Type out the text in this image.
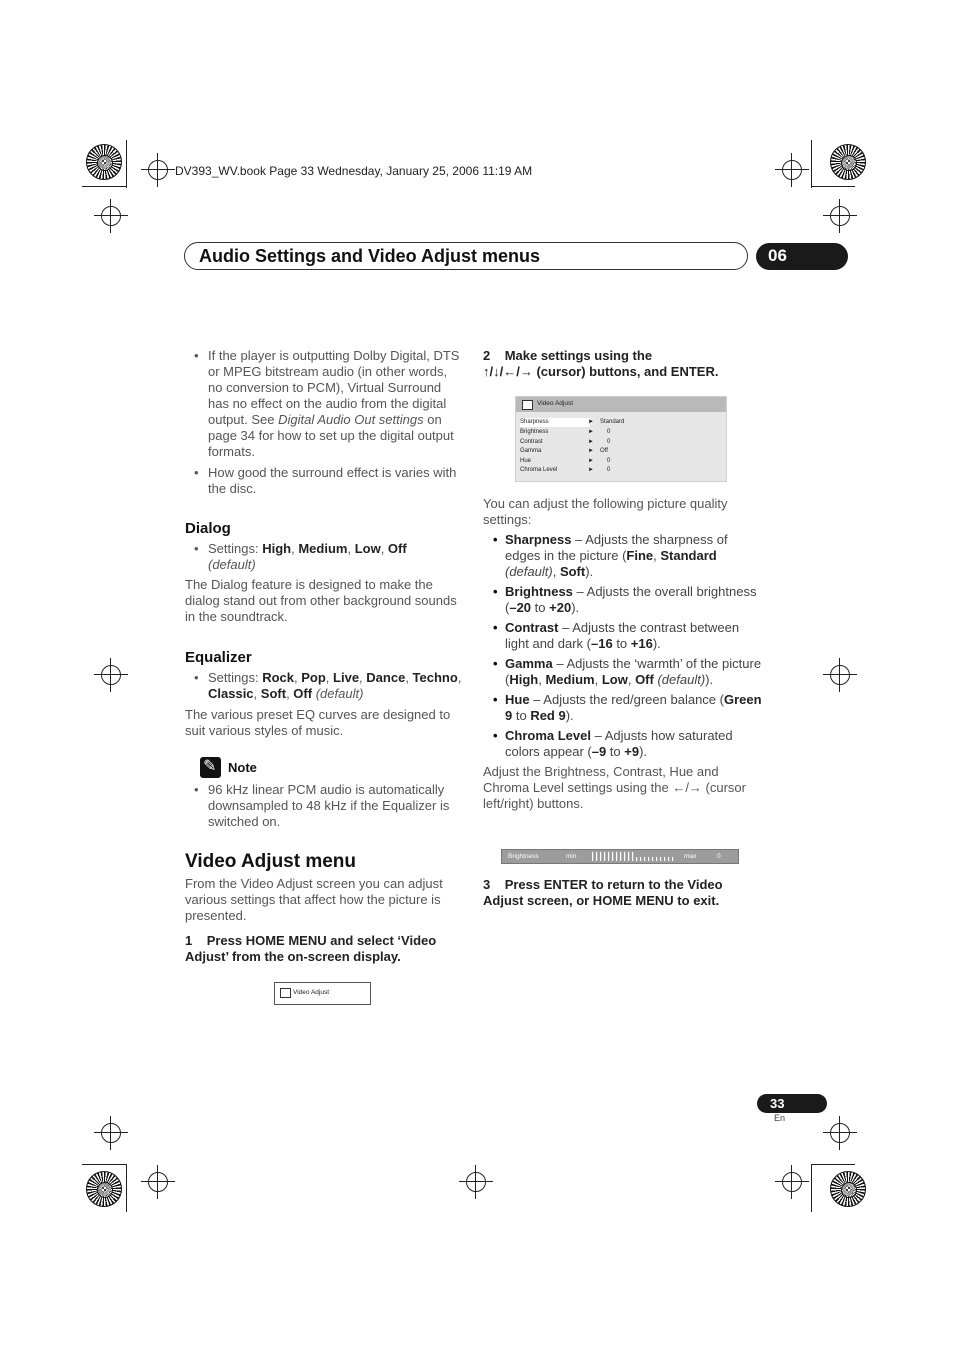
DV393_WV.book Page 33 Wednesday, January 25, 2006 11:19 AM
Audio Settings and Video Adjust menus	06

• If the player is outputting Dolby Digital, DTS or MPEG bitstream audio (in other words, no conversion to PCM), Virtual Surround has no effect on the audio from the digital output. See Digital Audio Out settings on page 34 for how to set up the digital output formats.

• How good the surround effect is varies with the disc.

Dialog

• Settings: High, Medium, Low, Off
(default)

The Dialog feature is designed to make the dialog stand out from other background sounds in the soundtrack.

Equalizer

• Settings: Rock, Pop, Live, Dance, Techno, Classic, Soft, Off (default)

The various preset EQ curves are designed to suit various styles of music.

✎
Note

• 96 kHz linear PCM audio is automatically downsampled to 48 kHz if the Equalizer is switched on.

Video Adjust menu

From the Video Adjust screen you can adjust various settings that affect how the picture is presented.

1 Press HOME MENU and select ‘Video Adjust’ from the on-screen display.

Video Adjust

2 Make settings using the

↑/↓/←/→ (cursor) buttons, and ENTER.

Video Adjust
Sharpness	► Standard
Brightness	► 0
Contrast	► 0
Gamma	► Off
Hue	► 0
Chroma Level	► 0

You can adjust the following picture quality settings:

• Sharpness – Adjusts the sharpness of edges in the picture (Fine, Standard (default), Soft).

• Brightness – Adjusts the overall brightness (–20 to +20).

• Contrast – Adjusts the contrast between light and dark (–16 to +16).

• Gamma – Adjusts the ‘warmth’ of the picture (High, Medium, Low, Off (default)).

• Hue – Adjusts the red/green balance (Green 9 to Red 9).

• Chroma Level – Adjusts how saturated colors appear (–9 to +9).

Adjust the Brightness, Contrast, Hue and Chroma Level settings using the ←/→ (cursor left/right) buttons.

Brightness	min	max	0

3 Press ENTER to return to the Video Adjust screen, or HOME MENU to exit.

33
En
